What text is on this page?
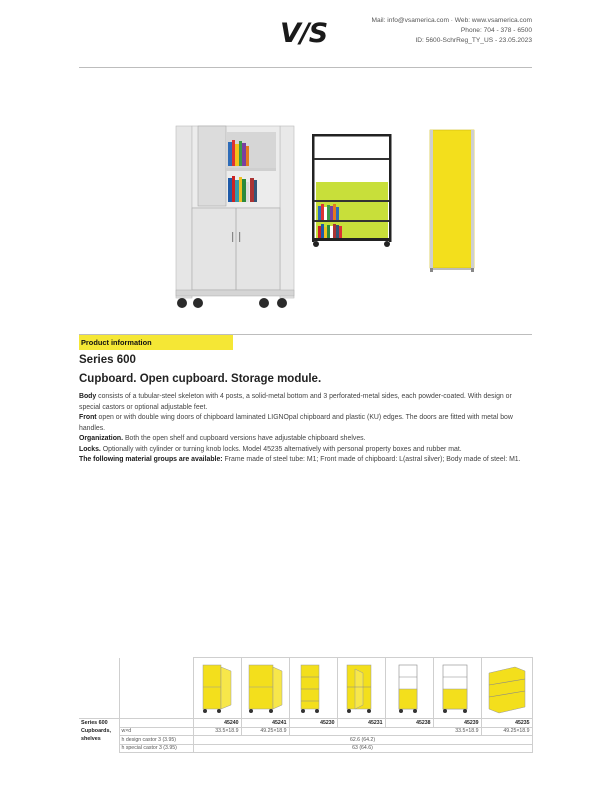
V/S	Mail: info@vsamerica.com · Web: www.vsamerica.com
Phone: 704 - 378 - 6500
ID: 5600-SchrReg_TY_US - 23.05.2023
Product information
Series 600
Cupboard. Open cupboard. Storage module.
Body consists of a tubular-steel skeleton with 4 posts, a solid-metal bottom and 3 perforated-metal sides, each powder-coated. With design or special castors or optional adjustable feet.
Front open or with double wing doors of chipboard laminated LIGNOpal chipboard and plastic (KU) edges. The doors are fitted with metal bow handles.
Organization. Both the open shelf and cupboard versions have adjustable chipboard shelves.
Locks. Optionally with cylinder or turning knob locks. Model 45235 alternatively with personal property boxes and rubber mat.
The following material groups are available: Frame made of steel tube: M1; Front made of chipboard: L(astral silver); Body made of steel: M1.

Series 600
Cupboards,
shelves		45240	45241	45230	45231	45238	45239	45235
	w×d	33.5×18.9	49.25×18.9	33.5×18.9				49.25×18.9
	h design castor 3 (3.95)	62.6 (64.2)						
	h special castor 3 (3.95)	63 (64.6)						
